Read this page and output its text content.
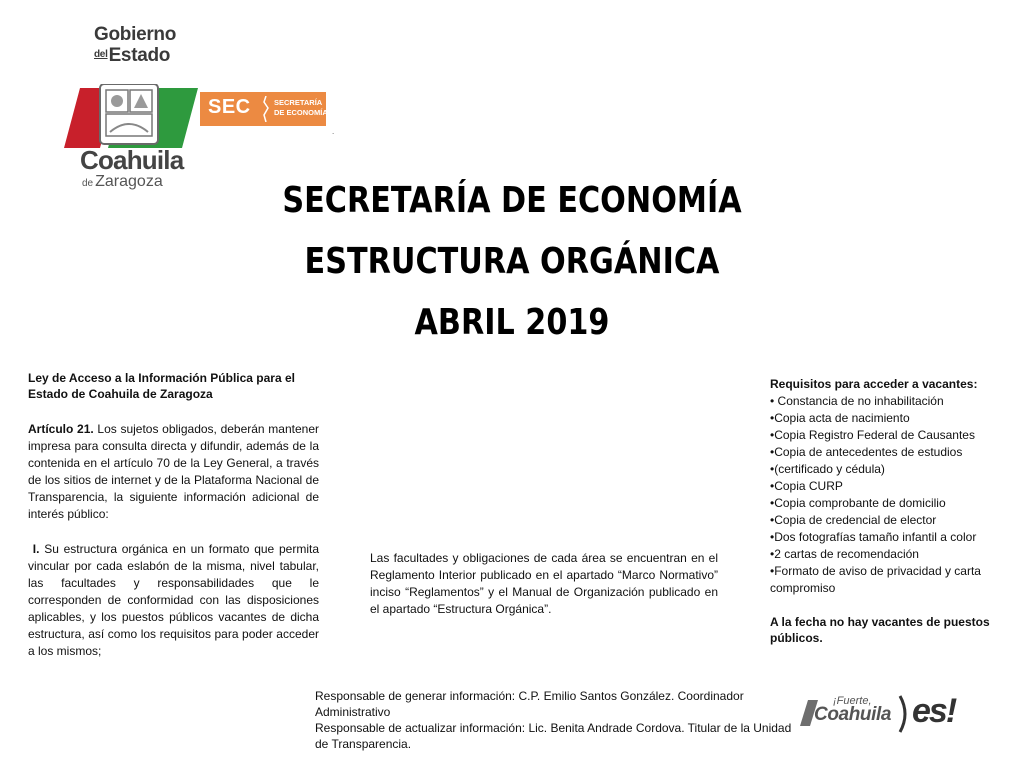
Gobierno
$^{del}$Estado
SEC	SECRETARÍA
DE ECONOMÍA
.
Coahuila
de Zaragoza	SECRETARÍA DE ECONOMÍA
ESTRUCTURA ORGÁNICA
ABRIL 2019
Ley de Acceso a la Información Pública para el Estado de Coahuila de Zaragoza
Artículo 21. Los sujetos obligados, deberán mantener impresa para consulta directa y difundir, además de la contenida en el artículo 70 de la Ley General, a través de los sitios de internet y de la Plataforma Nacional de Transparencia, la siguiente información adicional de interés público:
I. Su estructura orgánica en un formato que permita vincular por cada eslabón de la misma, nivel tabular, las facultades y responsabilidades que le corresponden de conformidad con las disposiciones aplicables, y los puestos públicos vacantes de dicha estructura, así como los requisitos para poder acceder a los mismos;
Las facultades y obligaciones de cada área se encuentran en el Reglamento Interior publicado en el apartado “Marco Normativo” inciso “Reglamentos” y el Manual de Organización publicado en el apartado “Estructura Orgánica”.
Requisitos para acceder a vacantes:
• Constancia de no inhabilitación
•Copia acta de nacimiento
•Copia Registro Federal de Causantes
•Copia de antecedentes de estudios
•(certificado y cédula)
•Copia CURP
•Copia comprobante de domicilio
•Copia de credencial de elector
•Dos fotografías tamaño infantil a color
•2 cartas de recomendación
•Formato de aviso de privacidad y carta compromiso
A la fecha no hay vacantes de puestos públicos.
Responsable de generar información: C.P. Emilio Santos González. Coordinador Administrativo
Responsable de actualizar información: Lic. Benita Andrade Cordova. Titular de la Unidad de Transparencia.
¡Fuerte,
Coahuila es!
